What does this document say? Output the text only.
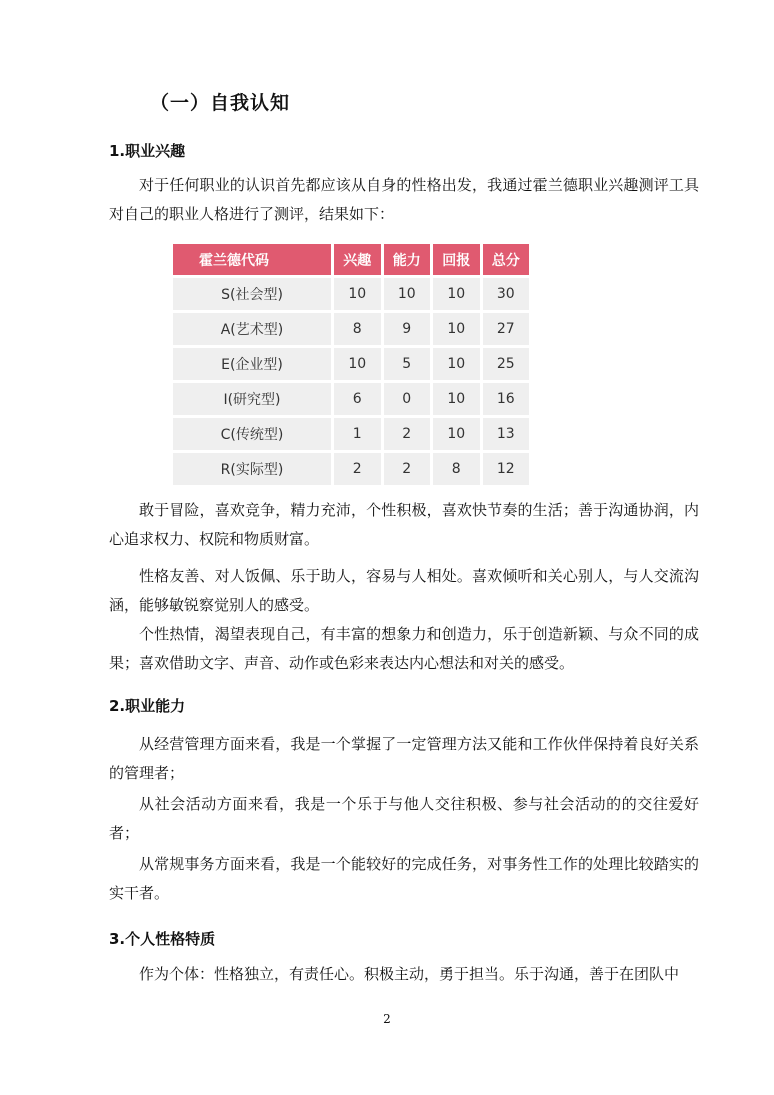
（一）自我认知
1.职业兴趣

对于任何职业的认识首先都应该从自身的性格出发，我通过霍兰德职业兴趣测评工具对自己的职业人格进行了测评，结果如下：

霍兰德代码	兴趣	能力	回报	总分
S(社会型)	10	10	10	30
A(艺术型)	8	9	10	27
E(企业型)	10	5	10	25
I(研究型)	6	0	10	16
C(传统型)	1	2	10	13
R(实际型)	2	2	8	12

敢于冒险，喜欢竞争，精力充沛，个性积极，喜欢快节奏的生活；善于沟通协润，内心追求权力、权院和物质财富。

性格友善、对人饭佩、乐于助人，容易与人相处。喜欢倾听和关心别人，与人交流沟涵，能够敏锐察觉别人的感受。

个性热情，渴望表现自己，有丰富的想象力和创造力，乐于创造新颖、与众不同的成果；喜欢借助文字、声音、动作或色彩来表达内心想法和对关的感受。

2.职业能力

从经营管理方面来看，我是一个掌握了一定管理方法又能和工作伙伴保持着良好关系的管理者；

从社会活动方面来看，我是一个乐于与他人交往积极、参与社会活动的的交往爱好者；

从常规事务方面来看，我是一个能较好的完成任务，对事务性工作的处理比较踏实的实干者。

3.个人性格特质

作为个体：性格独立，有责任心。积极主动，勇于担当。乐于沟通，善于在团队中

2
